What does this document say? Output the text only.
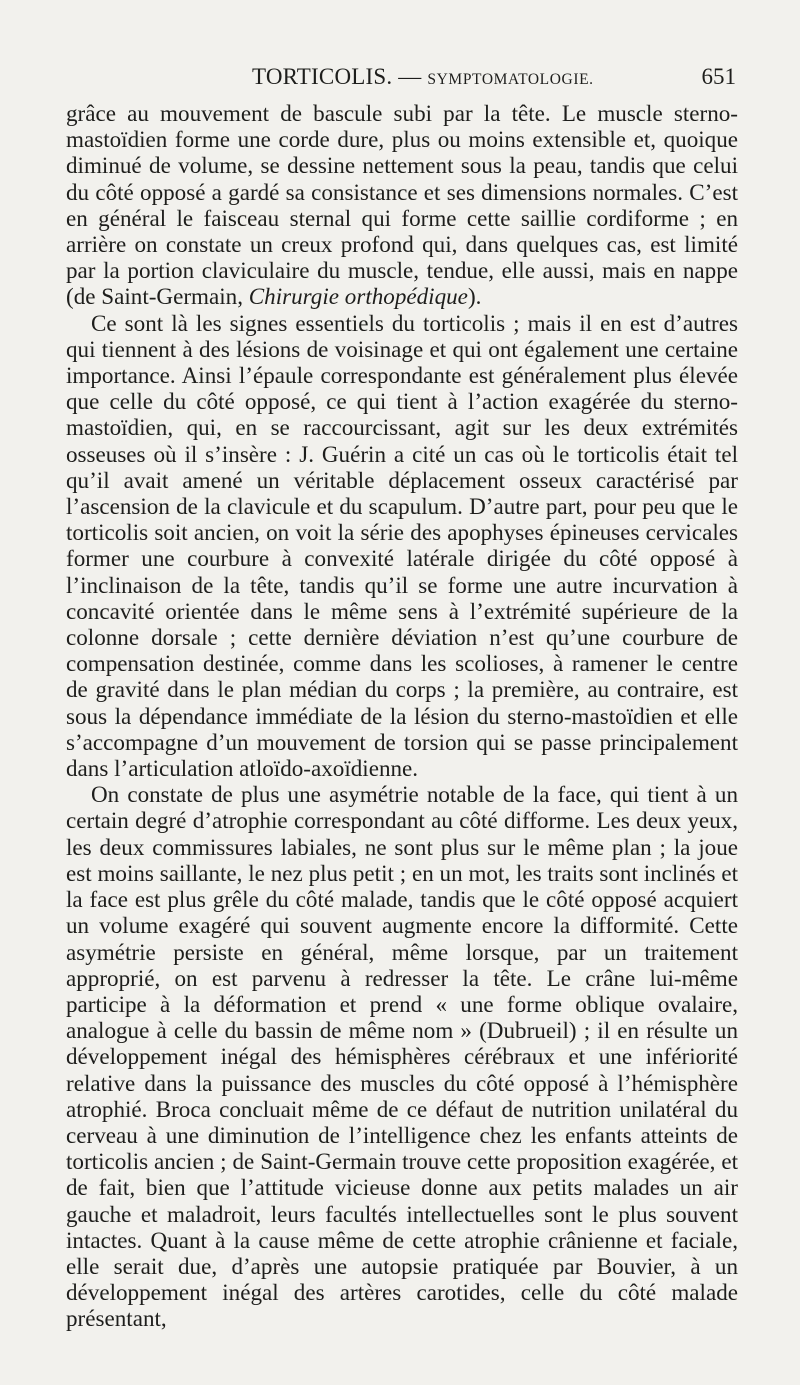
TORTICOLIS. — SYMPTOMATOLOGIE.	651

grâce au mouvement de bascule subi par la tête. Le muscle sterno-mastoïdien forme une corde dure, plus ou moins extensible et, quoique diminué de volume, se dessine nettement sous la peau, tandis que celui du côté opposé a gardé sa consistance et ses dimensions normales. C’est en général le faisceau sternal qui forme cette saillie cordiforme ; en arrière on constate un creux profond qui, dans quelques cas, est limité par la portion claviculaire du muscle, tendue, elle aussi, mais en nappe (de Saint-Germain, Chirurgie orthopédique).

Ce sont là les signes essentiels du torticolis ; mais il en est d’autres qui tiennent à des lésions de voisinage et qui ont également une certaine importance. Ainsi l’épaule correspondante est généralement plus élevée que celle du côté opposé, ce qui tient à l’action exagérée du sterno-mastoïdien, qui, en se raccourcissant, agit sur les deux extrémités osseuses où il s’insère : J. Guérin a cité un cas où le torticolis était tel qu’il avait amené un véritable déplacement osseux caractérisé par l’ascension de la clavicule et du scapulum. D’autre part, pour peu que le torticolis soit ancien, on voit la série des apophyses épineuses cervicales former une courbure à convexité latérale dirigée du côté opposé à l’inclinaison de la tête, tandis qu’il se forme une autre incurvation à concavité orientée dans le même sens à l’extrémité supérieure de la colonne dorsale ; cette dernière déviation n’est qu’une courbure de compensation destinée, comme dans les scolioses, à ramener le centre de gravité dans le plan médian du corps ; la première, au contraire, est sous la dépendance immédiate de la lésion du sterno-mastoïdien et elle s’accompagne d’un mouvement de torsion qui se passe principalement dans l’articulation atloïdo-axoïdienne.

On constate de plus une asymétrie notable de la face, qui tient à un certain degré d’atrophie correspondant au côté difforme. Les deux yeux, les deux commissures labiales, ne sont plus sur le même plan ; la joue est moins saillante, le nez plus petit ; en un mot, les traits sont inclinés et la face est plus grêle du côté malade, tandis que le côté opposé acquiert un volume exagéré qui souvent augmente encore la difformité. Cette asymétrie persiste en général, même lorsque, par un traitement approprié, on est parvenu à redresser la tête. Le crâne lui-même participe à la déformation et prend « une forme oblique ovalaire, analogue à celle du bassin de même nom » (Dubrueil) ; il en résulte un développement inégal des hémisphères cérébraux et une infériorité relative dans la puissance des muscles du côté opposé à l’hémisphère atrophié. Broca concluait même de ce défaut de nutrition unilatéral du cerveau à une diminution de l’intelligence chez les enfants atteints de torticolis ancien ; de Saint-Germain trouve cette proposition exagérée, et de fait, bien que l’attitude vicieuse donne aux petits malades un air gauche et maladroit, leurs facultés intellectuelles sont le plus souvent intactes. Quant à la cause même de cette atrophie crânienne et faciale, elle serait due, d’après une autopsie pratiquée par Bouvier, à un développement inégal des artères carotides, celle du côté malade présentant,
